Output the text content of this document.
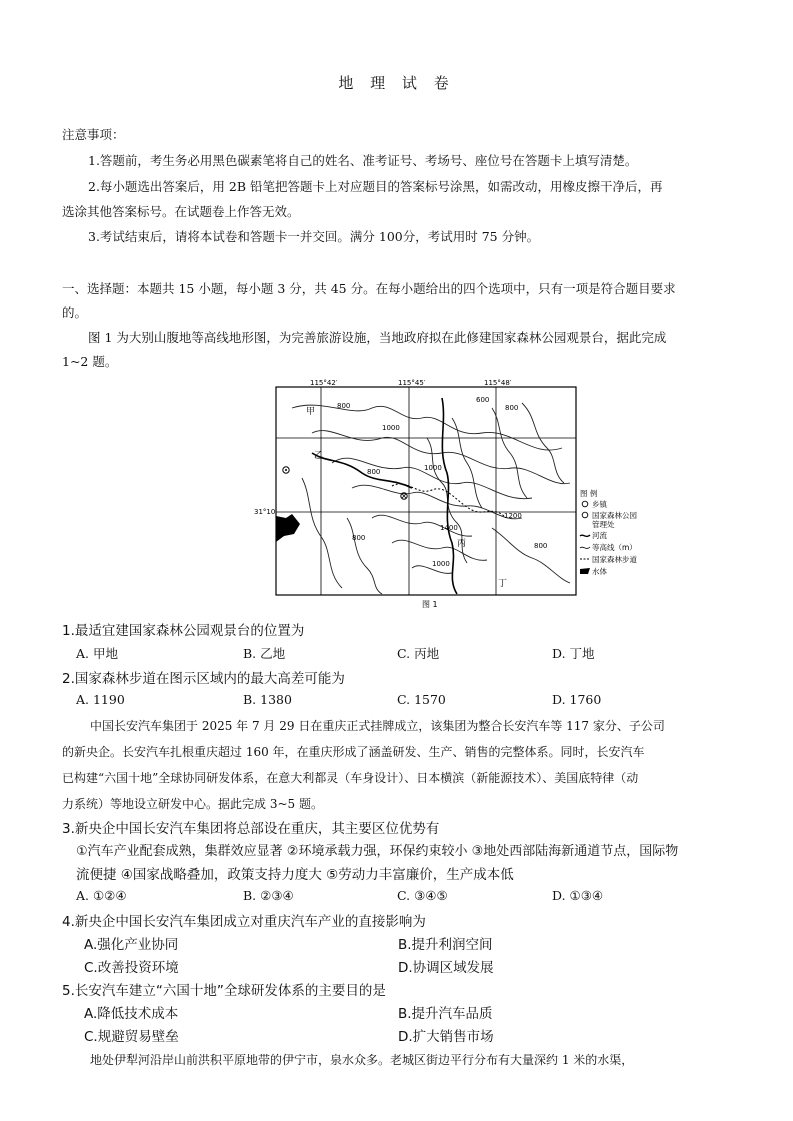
地 理 试 卷
注意事项：
1.答题前，考生务必用黑色碳素笔将自己的姓名、准考证号、考场号、座位号在答题卡上填写清楚。
2.每小题选出答案后，用 2B 铅笔把答题卡上对应题目的答案标号涂黑，如需改动，用橡皮擦干净后，再
选涂其他答案标号。在试题卷上作答无效。
3.考试结束后，请将本试卷和答题卡一并交回。满分 100分，考试用时 75 分钟。
一、选择题：本题共 15 小题，每小题 3 分，共 45 分。在每小题给出的四个选项中，只有一项是符合题目要求
的。
图 1 为大别山腹地等高线地形图，为完善旅游设施，当地政府拟在此修建国家森林公园观景台，据此完成
1~2 题。
115°42′	115°45′	115°48′
31°10′
800
1000
600
800
1000
800
1400
1200
800
1000
800
甲
乙
丙
丁
图 例
乡镇
国家森林公园
管理处
河流
等高线（m）
国家森林步道
水体
图 1
1.最适宜建国家森林公园观景台的位置为
A. 甲地	B. 乙地	C. 丙地	D. 丁地
2.国家森林步道在图示区域内的最大高差可能为
A. 1190	B. 1380	C. 1570	D. 1760
中国长安汽车集团于 2025 年 7 月 29 日在重庆正式挂牌成立，该集团为整合长安汽车等 117 家分、子公司
的新央企。长安汽车扎根重庆超过 160 年，在重庆形成了涵盖研发、生产、销售的完整体系。同时，长安汽车
已构建“六国十地”全球协同研发体系，在意大利都灵（车身设计）、日本横滨（新能源技术）、美国底特律（动
力系统）等地设立研发中心。据此完成 3~5 题。
3.新央企中国长安汽车集团将总部设在重庆，其主要区位优势有
①汽车产业配套成熟，集群效应显著 ②环境承载力强，环保约束较小 ③地处西部陆海新通道节点，国际物
流便捷 ④国家战略叠加，政策支持力度大 ⑤劳动力丰富廉价，生产成本低
A. ①②④	B. ②③④	C. ③④⑤	D. ①③④
4.新央企中国长安汽车集团成立对重庆汽车产业的直接影响为
A.强化产业协同	B.提升利润空间
C.改善投资环境	D.协调区域发展
5.长安汽车建立“六国十地”全球研发体系的主要目的是
A.降低技术成本	B.提升汽车品质
C.规避贸易壁垒	D.扩大销售市场
地处伊犁河沿岸山前洪积平原地带的伊宁市，泉水众多。老城区街边平行分布有大量深约 1 米的水渠，
